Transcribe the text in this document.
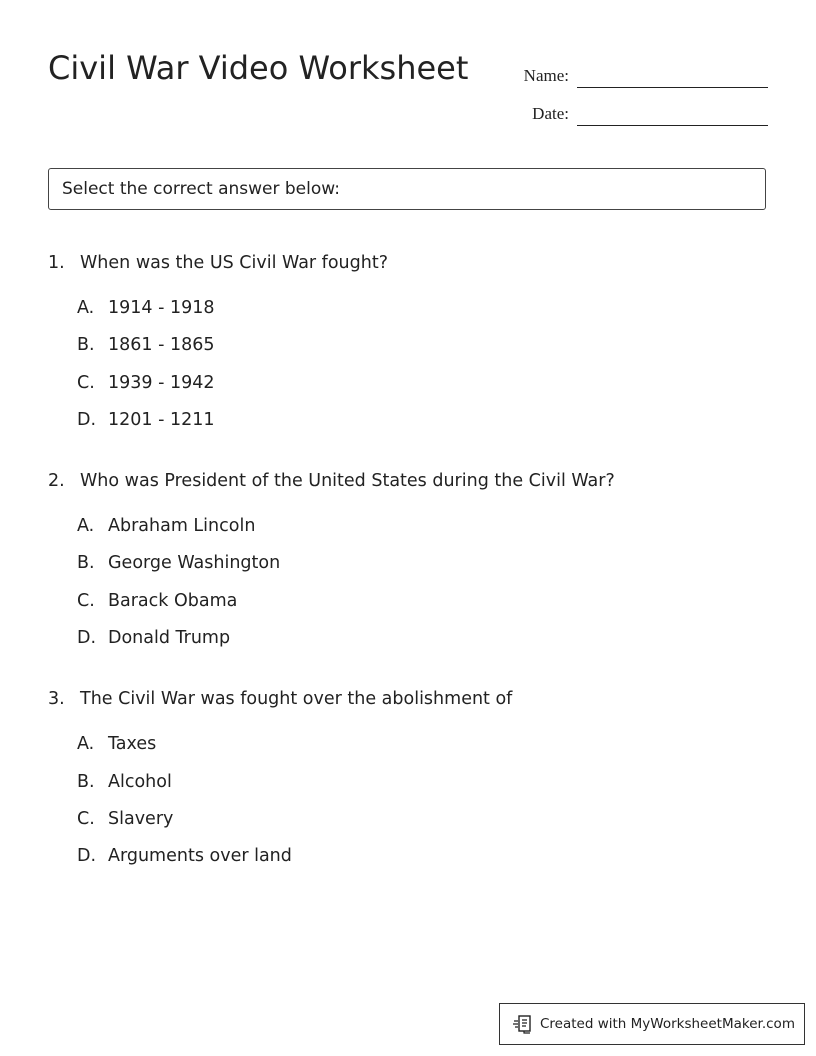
Civil War Video Worksheet	Name:
Date:
Select the correct answer below:
1. When was the US Civil War fought?
A. 1914 - 1918
B. 1861 - 1865
C. 1939 - 1942
D. 1201 - 1211
2. Who was President of the United States during the Civil War?
A. Abraham Lincoln
B. George Washington
C. Barack Obama
D. Donald Trump
3. The Civil War was fought over the abolishment of
A. Taxes
B. Alcohol
C. Slavery
D. Arguments over land
Created with MyWorksheetMaker.com
